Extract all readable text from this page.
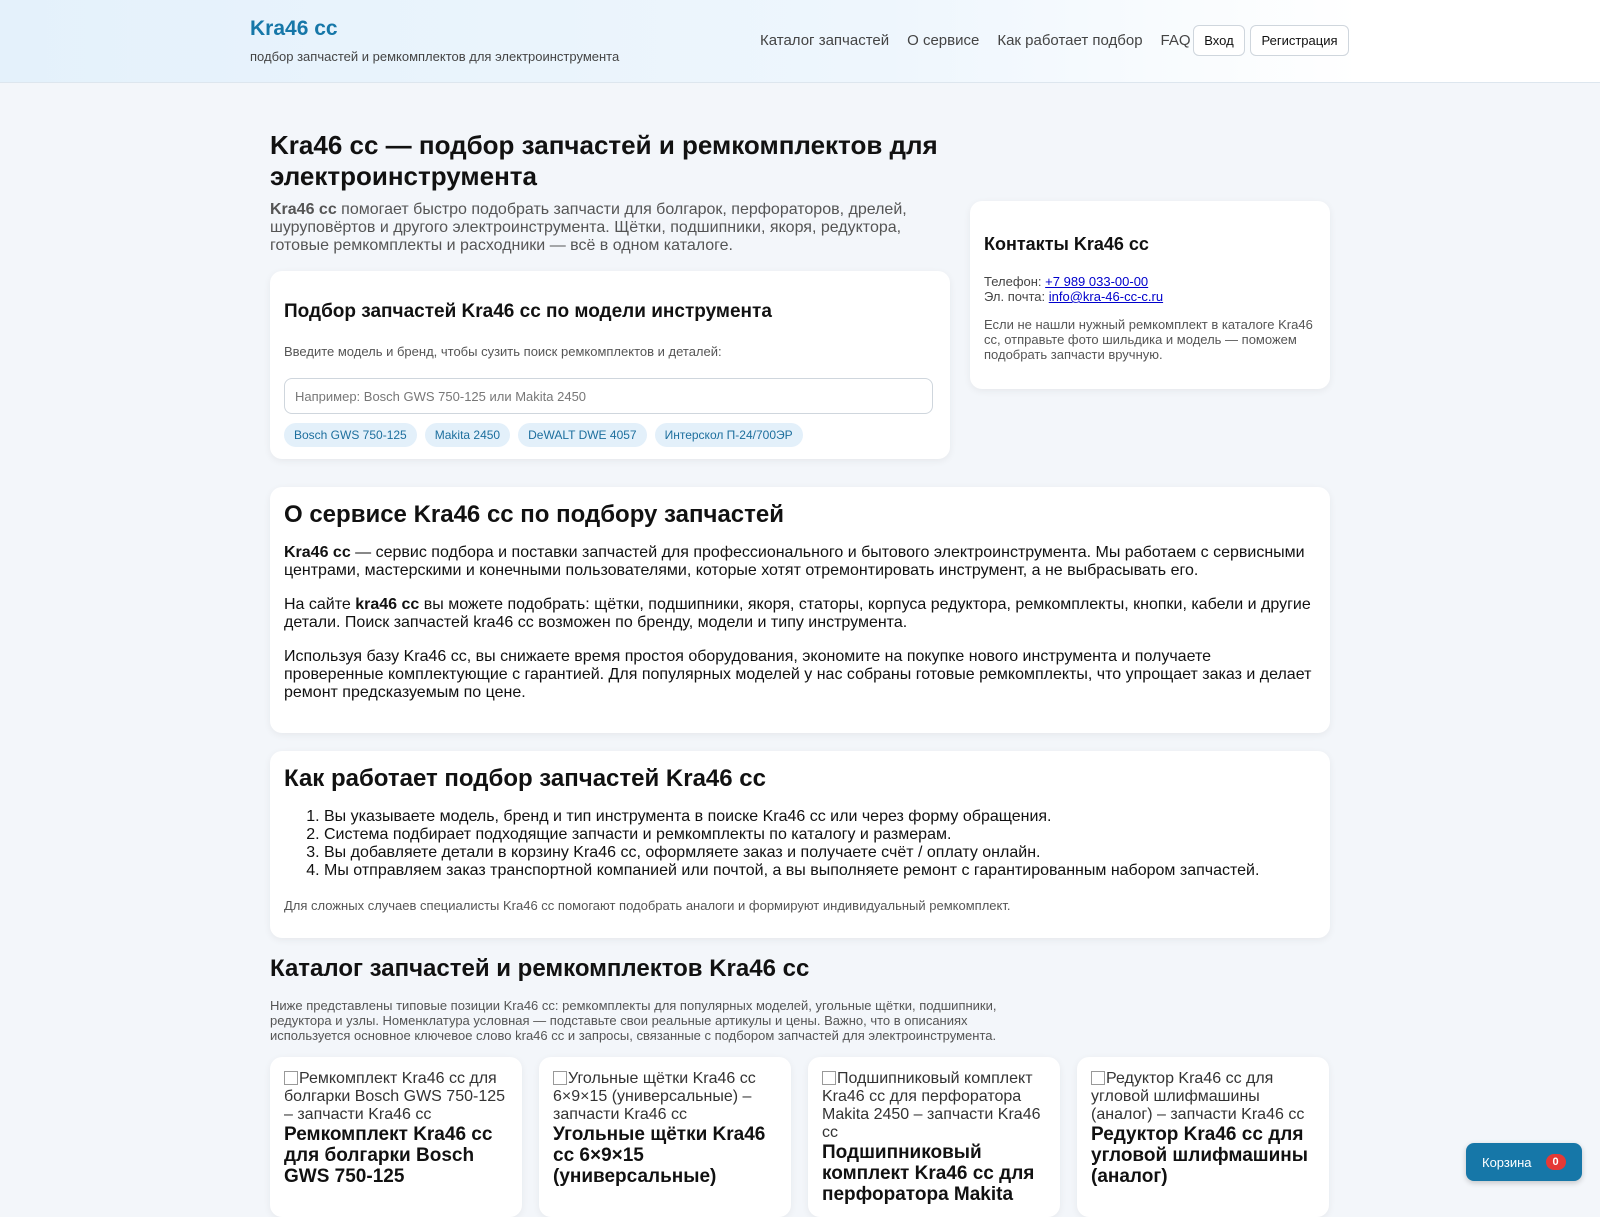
Kra46 cc
подбор запчастей и ремкомплектов для электроинструмента
Каталог запчастей О сервисе Как работает подбор FAQ	Вход	Регистрация
Kra46 cc — подбор запчастей и ремкомплектов для электроинструмента

Kra46 cc помогает быстро подобрать запчасти для болгарок, перфораторов, дрелей, шуруповёртов и другого электроинструмента. Щётки, подшипники, якоря, редуктора, готовые ремкомплекты и расходники — всё в одном каталоге.

Подбор запчастей Kra46 cc по модели инструмента
Введите модель и бренд, чтобы сузить поиск ремкомплектов и деталей:
Например: Bosch GWS 750-125 или Makita 2450
Bosch GWS 750-125	Makita 2450	DeWALT DWE 4057	Интерскол П-24/700ЭР
Контакты Kra46 cc
Телефон: +7 989 033-00-00
Эл. почта: info@kra-46-cc-c.ru
Если не нашли нужный ремкомплект в каталоге Kra46 cc, отправьте фото шильдика и модель — поможем подобрать запчасти вручную.
О сервисе Kra46 cc по подбору запчастей

Kra46 cc — сервис подбора и поставки запчастей для профессионального и бытового электроинструмента. Мы работаем с сервисными центрами, мастерскими и конечными пользователями, которые хотят отремонтировать инструмент, а не выбрасывать его.

На сайте kra46 cc вы можете подобрать: щётки, подшипники, якоря, статоры, корпуса редуктора, ремкомплекты, кнопки, кабели и другие детали. Поиск запчастей kra46 cc возможен по бренду, модели и типу инструмента.

Используя базу Kra46 cc, вы снижаете время простоя оборудования, экономите на покупке нового инструмента и получаете проверенные комплектующие с гарантией. Для популярных моделей у нас собраны готовые ремкомплекты, что упрощает заказ и делает ремонт предсказуемым по цене.

Как работает подбор запчастей Kra46 cc
1. Вы указываете модель, бренд и тип инструмента в поиске Kra46 cc или через форму обращения.
2. Система подбирает подходящие запчасти и ремкомплекты по каталогу и размерам.
3. Вы добавляете детали в корзину Kra46 cc, оформляете заказ и получаете счёт / оплату онлайн.
4. Мы отправляем заказ транспортной компанией или почтой, а вы выполняете ремонт с гарантированным набором запчастей.
Для сложных случаев специалисты Kra46 cc помогают подобрать аналоги и формируют индивидуальный ремкомплект.
Каталог запчастей и ремкомплектов Kra46 cc

Ниже представлены типовые позиции Kra46 cc: ремкомплекты для популярных моделей, угольные щётки, подшипники, редуктора и узлы. Номенклатура условная — подставьте свои реальные артикулы и цены. Важно, что в описаниях используется основное ключевое слово kra46 cc и запросы, связанные с подбором запчастей для электроинструмента.

Ремкомплект Kra46 cc для болгарки Bosch GWS 750-125 – запчасти Kra46 cc
Ремкомплект Kra46 cc для болгарки Bosch GWS 750-125
Угольные щётки Kra46 cc 6×9×15 (универсальные) – запчасти Kra46 cc
Угольные щётки Kra46 cc 6×9×15 (универсальные)
Подшипниковый комплект Kra46 cc для перфоратора Makita 2450 – запчасти Kra46 cc
Подшипниковый комплект Kra46 cc для перфоратора Makita
Редуктор Kra46 cc для угловой шлифмашины (аналог) – запчасти Kra46 cc
Редуктор Kra46 cc для угловой шлифмашины (аналог)
Корзина	0
